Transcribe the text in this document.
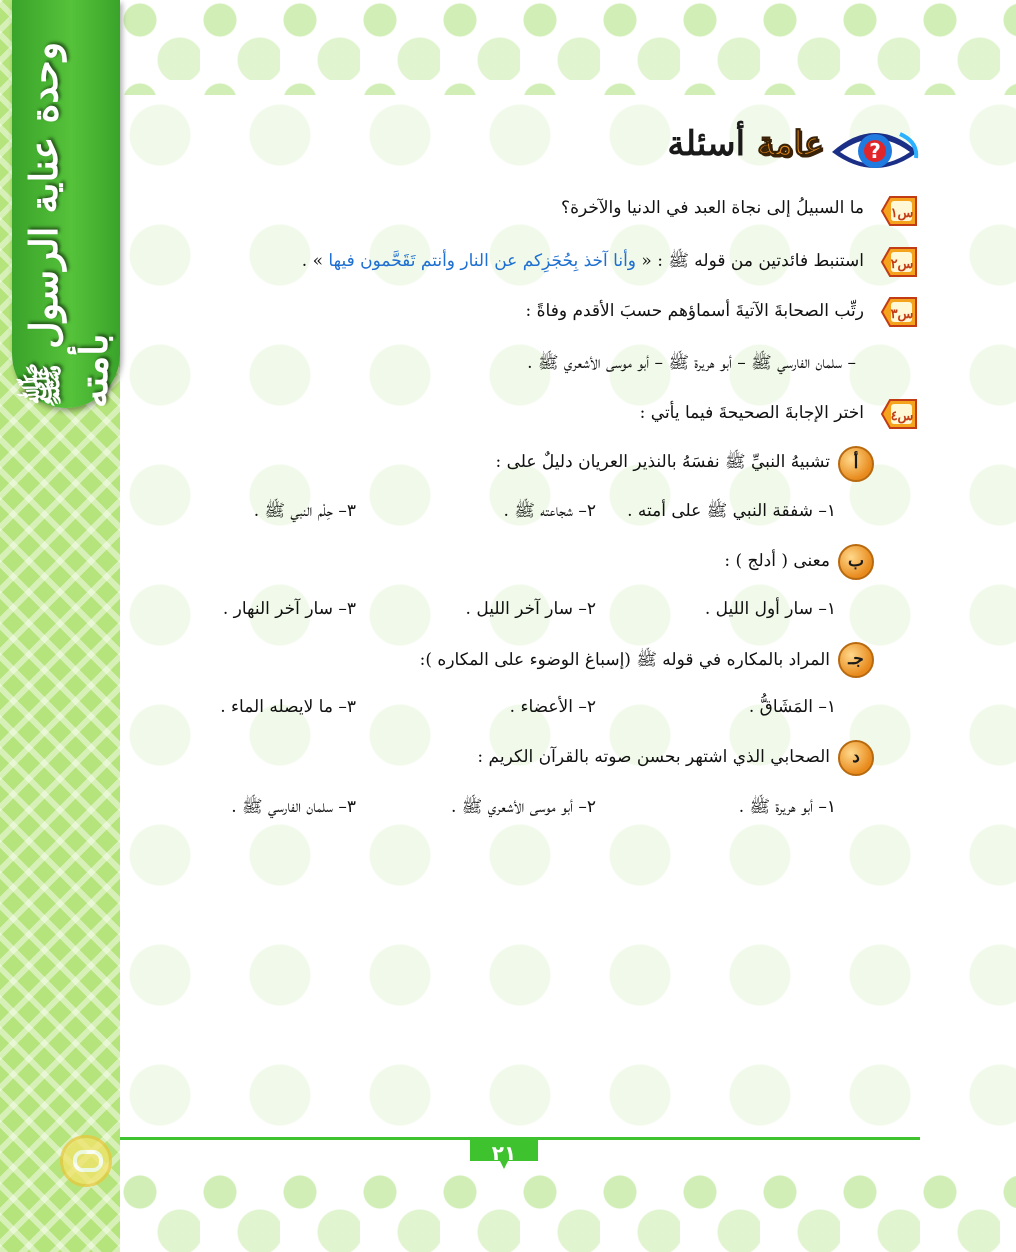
وحدة عناية الرسول ﷺ بأمته
?
عامة أسئلة
س١
ما السبيلُ إلى نجاة العبد في الدنيا والآخرة؟
س٢
استنبط فائدتين من قوله ﷺ : « وأنا آخذ بِحُجَزِكم عن النار وأنتم تَقَحَّمون فيها » .
س٣
رتِّب الصحابةَ الآتيةَ أسماؤهم حسبَ الأقدم وفاةً :
– سلمان الفارسي ﷺ – أبو هريرة ﷺ – أبو موسى الأشعري ﷺ .
س٤
اختر الإجابةَ الصحيحةَ فيما يأتي :
أ
تشبيهُ النبيِّ ﷺ نفسَهُ بالنذير العريان دليلٌ على :
١– شفقة النبي ﷺ على أمته .
٢– شجاعته ﷺ .
٣– حِلْم النبي ﷺ .
ب
معنى ( أدلج ) :
١– سار أول الليل .
٢– سار آخر الليل .
٣– سار آخر النهار .
جـ
المراد بالمكاره في قوله ﷺ (إسباغ الوضوء على المكاره ):
١– المَشَاقُّ .
٢– الأعضاء .
٣– ما لايصله الماء .
د
الصحابي الذي اشتهر بحسن صوته بالقرآن الكريم :
١– أبو هريرة ﷺ .
٢– أبو موسى الأشعري ﷺ .
٣– سلمان الفارسي ﷺ .
٢١
